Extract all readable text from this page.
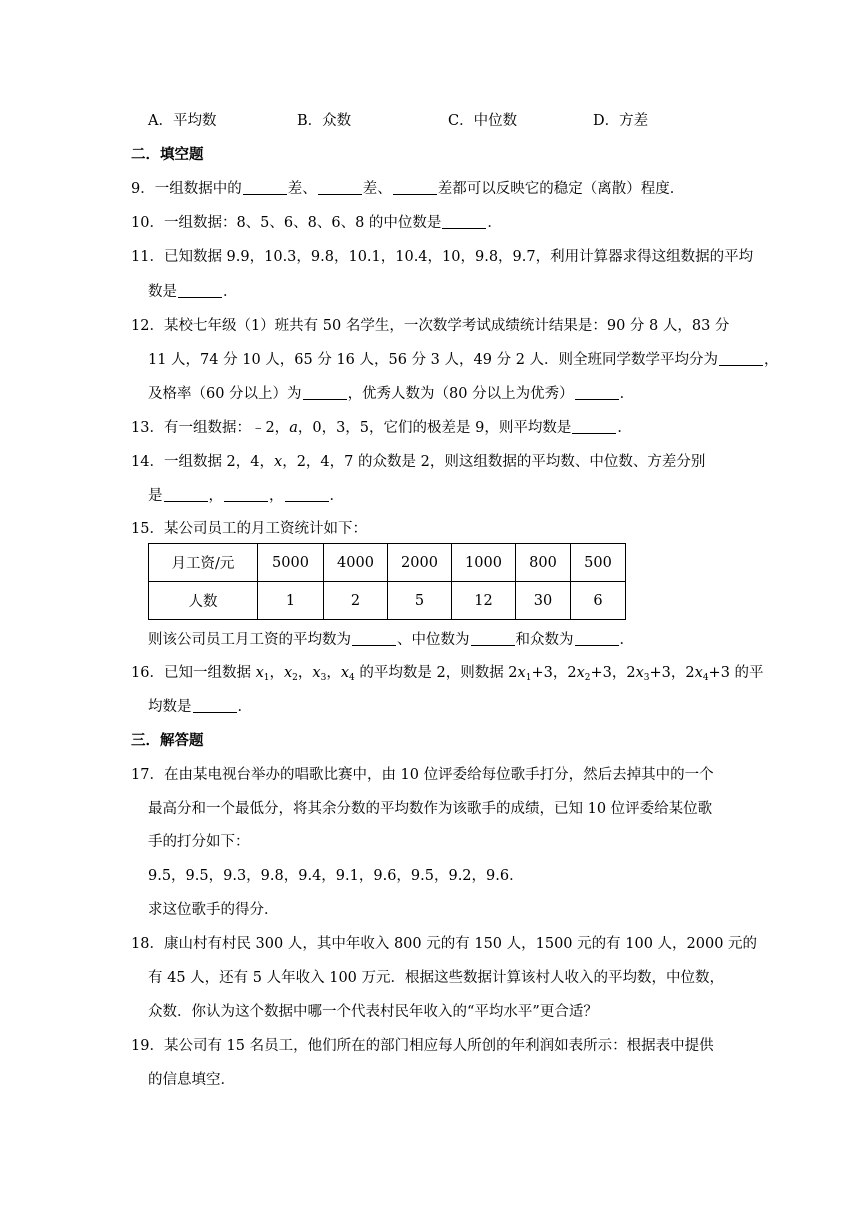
A．平均数	B．众数	C．中位数	D．方差
二．填空题
9．一组数据中的	差、	差、	差都可以反映它的稳定（离散）程度．
10．一组数据：8、5、6、8、6、8 的中位数是	．
11．已知数据 9.9，10.3，9.8，10.1，10.4，10，9.8，9.7，利用计算器求得这组数据的平均
数是	．
12．某校七年级（1）班共有 50 名学生，一次数学考试成绩统计结果是：90 分 8 人，83 分
11 人，74 分 10 人，65 分 16 人，56 分 3 人，49 分 2 人．则全班同学数学平均分为	，
及格率（60 分以上）为	，优秀人数为（80 分以上为优秀）	．
13．有一组数据：﹣2，a，0，3，5，它们的极差是 9，则平均数是	．
14．一组数据 2，4，x，2，4，7 的众数是 2，则这组数据的平均数、中位数、方差分别
是	，	，	．
15．某公司员工的月工资统计如下：
月工资/元	5000	4000	2000	1000	800	500
人数	1	2	5	12	30	6
则该公司员工月工资的平均数为	、中位数为	和众数为	．
16．已知一组数据 $x_1$，$x_2$，$x_3$，$x_4$ 的平均数是 2，则数据 $2x_1+3$，$2x_2+3$，$2x_3+3$，$2x_4+3$ 的平
均数是	．
三．解答题
17．在由某电视台举办的唱歌比赛中，由 10 位评委给每位歌手打分，然后去掉其中的一个
最高分和一个最低分，将其余分数的平均数作为该歌手的成绩，已知 10 位评委给某位歌
手的打分如下：
9.5，9.5，9.3，9.8，9.4，9.1，9.6，9.5，9.2，9.6．
求这位歌手的得分．
18．康山村有村民 300 人，其中年收入 800 元的有 150 人，1500 元的有 100 人，2000 元的
有 45 人，还有 5 人年收入 100 万元．根据这些数据计算该村人收入的平均数，中位数，
众数．你认为这个数据中哪一个代表村民年收入的“平均水平”更合适？
19．某公司有 15 名员工，他们所在的部门相应每人所创的年利润如表所示：根据表中提供
的信息填空．
